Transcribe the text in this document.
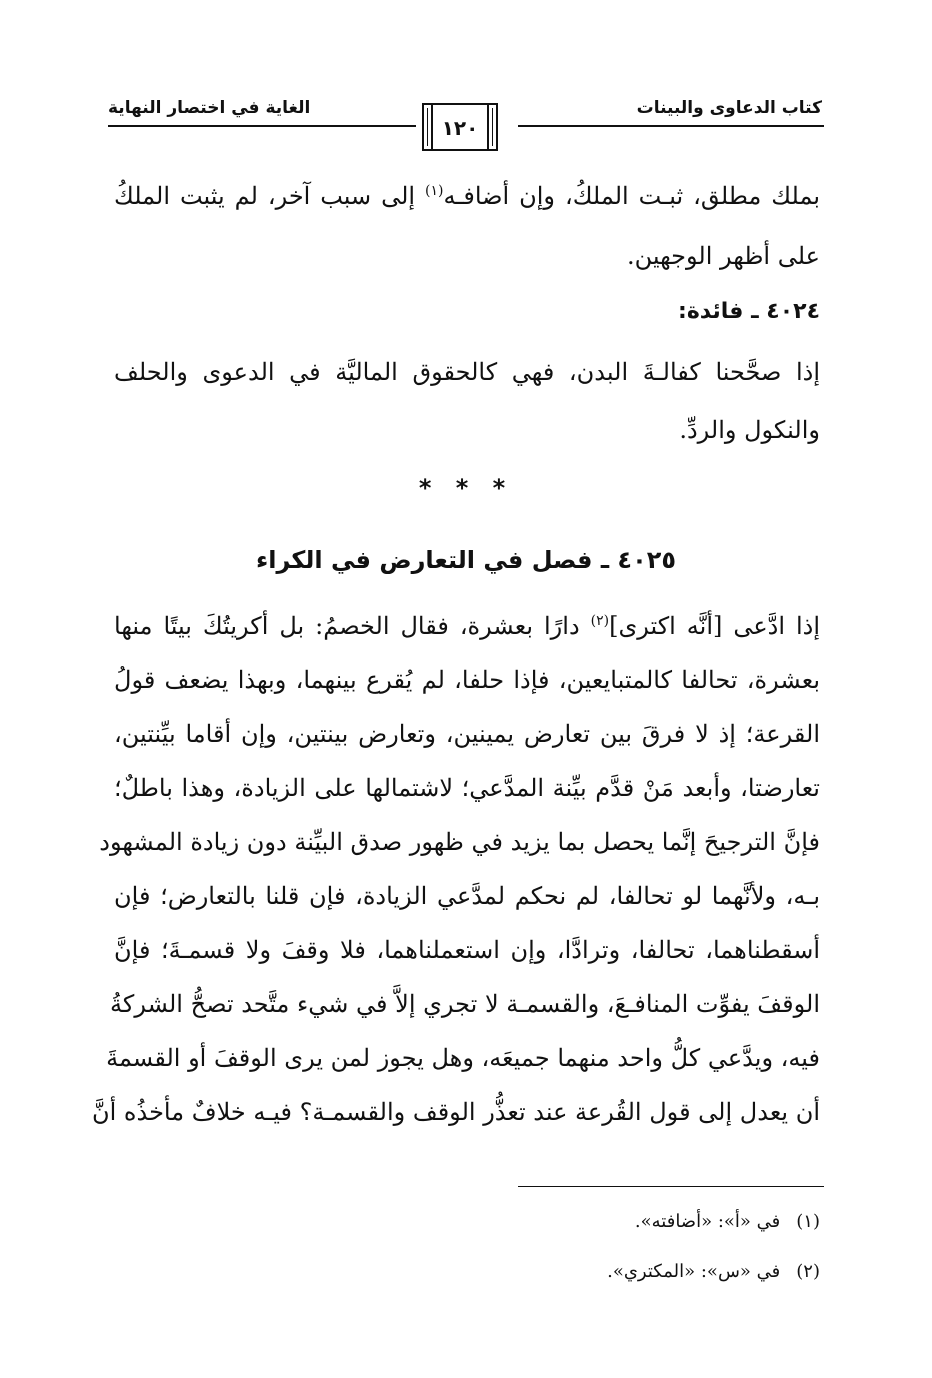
كتاب الدعاوى والبينات
الغاية في اختصار النهاية
١٢٠
بملك مطلق، ثبـت الملكُ، وإن أضافـه$^{(١)}$ إلى سبب آخر، لم يثبت الملكُ
على أظهر الوجهين.
٤٠٢٤ ـ فائدة:
إذا صحَّحنا كفالـةَ البدن، فهي كالحقوق الماليَّة في الدعوى والحلف
والنكول والردِّ.
* * *
٤٠٢٥ ـ فصل في التعارض في الكراء
إذا ادَّعى [أنَّه اكترى]$^{(٢)}$ دارًا بعشرة، فقال الخصمُ: بل أكريتُكَ بيتًا منها
بعشرة، تحالفا كالمتبايعين، فإذا حلفا، لم يُقرع بينهما، وبهذا يضعف قولُ
القرعة؛ إذ لا فرقَ بين تعارض يمينين، وتعارض بينتين، وإن أقاما بيِّنتين،
تعارضتا، وأبعد مَنْ قدَّم بيِّنة المدَّعي؛ لاشتمالها على الزيادة، وهذا باطلٌ؛
فإنَّ الترجيحَ إنَّما يحصل بما يزيد في ظهور صدق البيِّنة دون زيادة المشهود
بـه، ولأنَّهما لو تحالفا، لم نحكم لمدَّعي الزيادة، فإن قلنا بالتعارض؛ فإن
أسقطناهما، تحالفا، وترادَّا، وإن استعملناهما، فلا وقفَ ولا قسمـةَ؛ فإنَّ
الوقفَ يفوِّت المنافـعَ، والقسمـة لا تجري إلاَّ في شيء متَّحد تصحُّ الشركةُ
فيه، ويدَّعي كلُّ واحد منهما جميعَه، وهل يجوز لمن يرى الوقفَ أو القسمةَ
أن يعدل إلى قول القُرعة عند تعذُّر الوقف والقسمـة؟ فيـه خلافٌ مأخذُه أنَّ
(١)في «أ»: «أضافته».
(٢)في «س»: «المكتري».
